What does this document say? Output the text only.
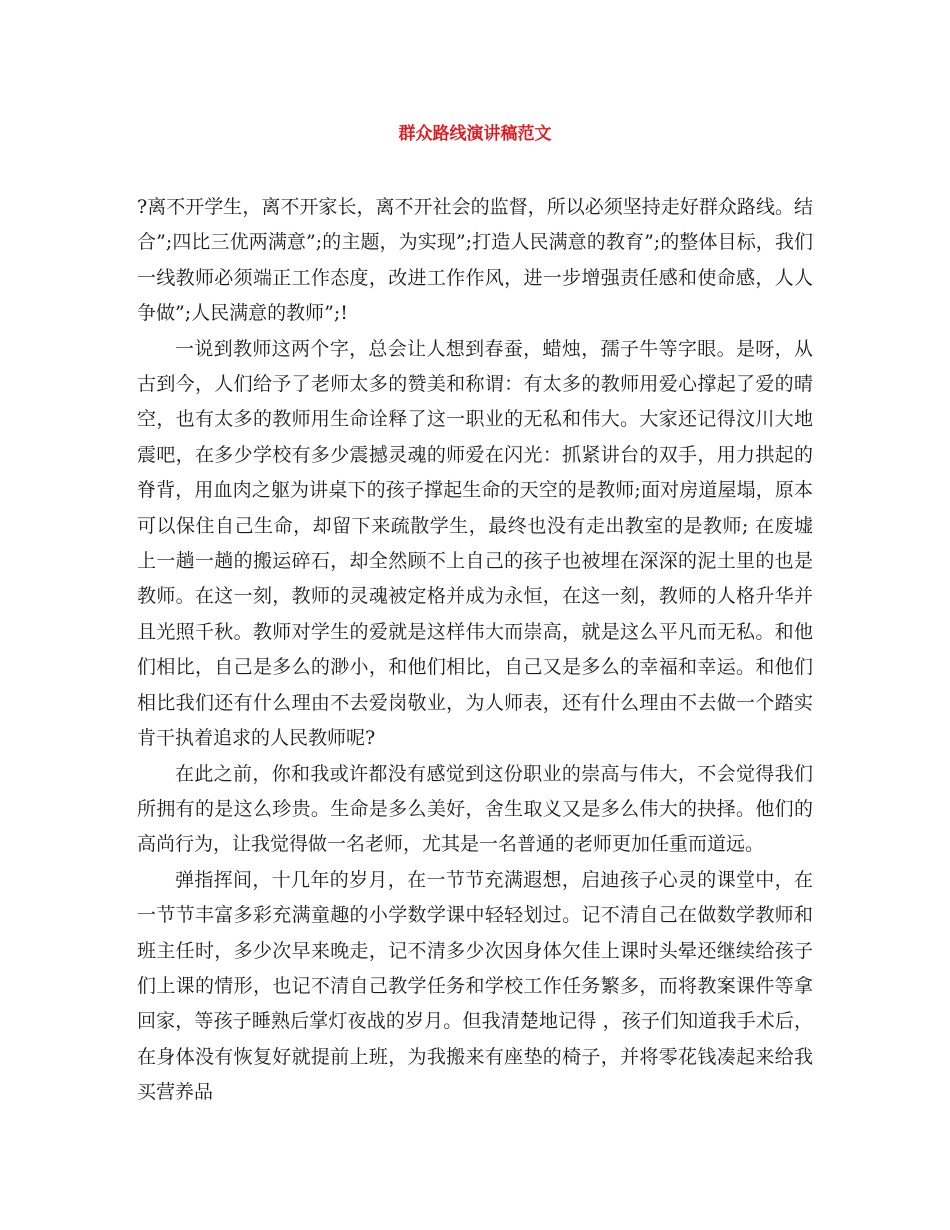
群众路线演讲稿范文

?离不开学生，离不开家长，离不开社会的监督，所以必须坚持走好群众路线。结合”;四比三优两满意”;的主题，为实现”;打造人民满意的教育”;的整体目标，我们一线教师必须端正工作态度，改进工作作风，进一步增强责任感和使命感，人人争做”;人民满意的教师”;!

一说到教师这两个字，总会让人想到春蚕，蜡烛，孺子牛等字眼。是呀，从古到今，人们给予了老师太多的赞美和称谓：有太多的教师用爱心撑起了爱的晴空，也有太多的教师用生命诠释了这一职业的无私和伟大。大家还记得汶川大地震吧，在多少学校有多少震撼灵魂的师爱在闪光：抓紧讲台的双手，用力拱起的脊背，用血肉之躯为讲桌下的孩子撑起生命的天空的是教师;面对房道屋塌，原本可以保住自己生命，却留下来疏散学生，最终也没有走出教室的是教师; 在废墟上一趟一趟的搬运碎石，却全然顾不上自己的孩子也被埋在深深的泥土里的也是教师。在这一刻，教师的灵魂被定格并成为永恒，在这一刻，教师的人格升华并且光照千秋。教师对学生的爱就是这样伟大而崇高，就是这么平凡而无私。和他们相比，自己是多么的渺小，和他们相比，自己又是多么的幸福和幸运。和他们相比我们还有什么理由不去爱岗敬业，为人师表，还有什么理由不去做一个踏实肯干执着追求的人民教师呢?

在此之前，你和我或许都没有感觉到这份职业的崇高与伟大，不会觉得我们所拥有的是这么珍贵。生命是多么美好，舍生取义又是多么伟大的抉择。他们的高尚行为，让我觉得做一名老师，尤其是一名普通的老师更加任重而道远。

弹指挥间，十几年的岁月，在一节节充满遐想，启迪孩子心灵的课堂中，在一节节丰富多彩充满童趣的小学数学课中轻轻划过。记不清自己在做数学教师和班主任时，多少次早来晚走，记不清多少次因身体欠佳上课时头晕还继续给孩子们上课的情形，也记不清自己教学任务和学校工作任务繁多，而将教案课件等拿回家，等孩子睡熟后掌灯夜战的岁月。但我清楚地记得 ，孩子们知道我手术后，在身体没有恢复好就提前上班，为我搬来有座垫的椅子，并将零花钱凑起来给我买营养品
